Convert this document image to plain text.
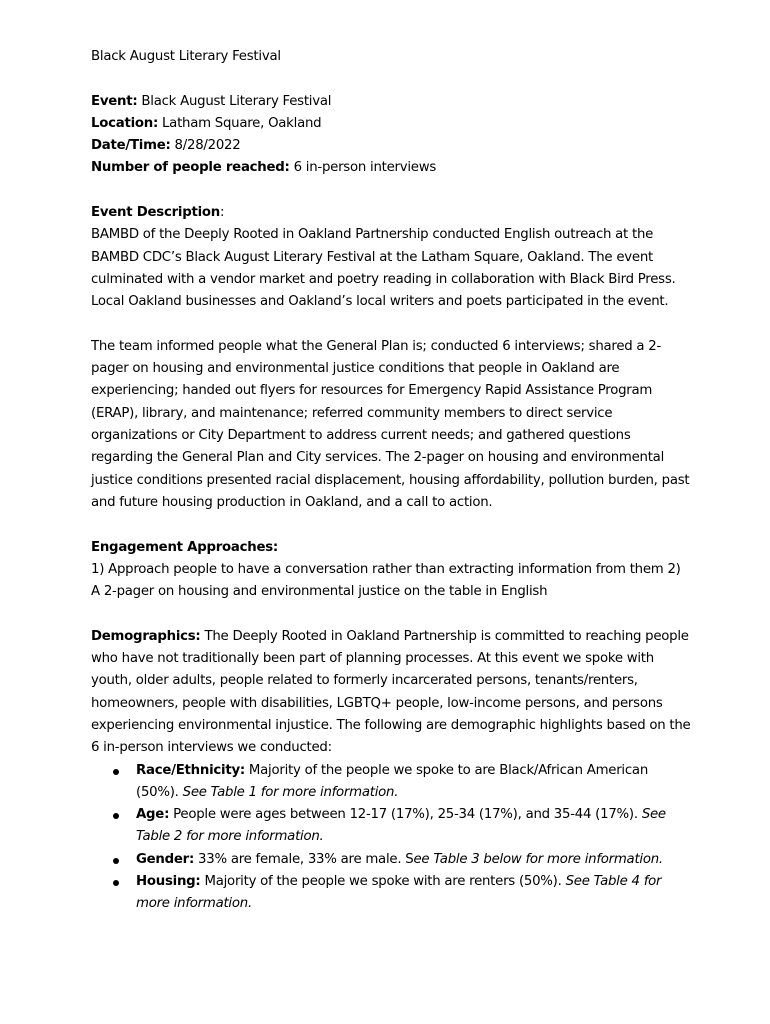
Black August Literary Festival

Event: Black August Literary Festival

Location: Latham Square, Oakland

Date/Time: 8/28/2022

Number of people reached: 6 in-person interviews

Event Description:

BAMBD of the Deeply Rooted in Oakland Partnership conducted English outreach at the BAMBD CDC’s Black August Literary Festival at the Latham Square, Oakland. The event culminated with a vendor market and poetry reading in collaboration with Black Bird Press. Local Oakland businesses and Oakland’s local writers and poets participated in the event.

The team informed people what the General Plan is; conducted 6 interviews; shared a 2-pager on housing and environmental justice conditions that people in Oakland are experiencing; handed out flyers for resources for Emergency Rapid Assistance Program (ERAP), library, and maintenance; referred community members to direct service organizations or City Department to address current needs; and gathered questions regarding the General Plan and City services. The 2-pager on housing and environmental justice conditions presented racial displacement, housing affordability, pollution burden, past and future housing production in Oakland, and a call to action.

Engagement Approaches:

1) Approach people to have a conversation rather than extracting information from them 2) A 2-pager on housing and environmental justice on the table in English

Demographics: The Deeply Rooted in Oakland Partnership is committed to reaching people who have not traditionally been part of planning processes. At this event we spoke with youth, older adults, people related to formerly incarcerated persons, tenants/renters, homeowners, people with disabilities, LGBTQ+ people, low-income persons, and persons experiencing environmental injustice. The following are demographic highlights based on the 6 in-person interviews we conducted:

Race/Ethnicity: Majority of the people we spoke to are Black/African American (50%). See Table 1 for more information.
Age: People were ages between 12-17 (17%), 25-34 (17%), and 35-44 (17%). See Table 2 for more information.
Gender: 33% are female, 33% are male. See Table 3 below for more information.
Housing: Majority of the people we spoke with are renters (50%). See Table 4 for more information.
